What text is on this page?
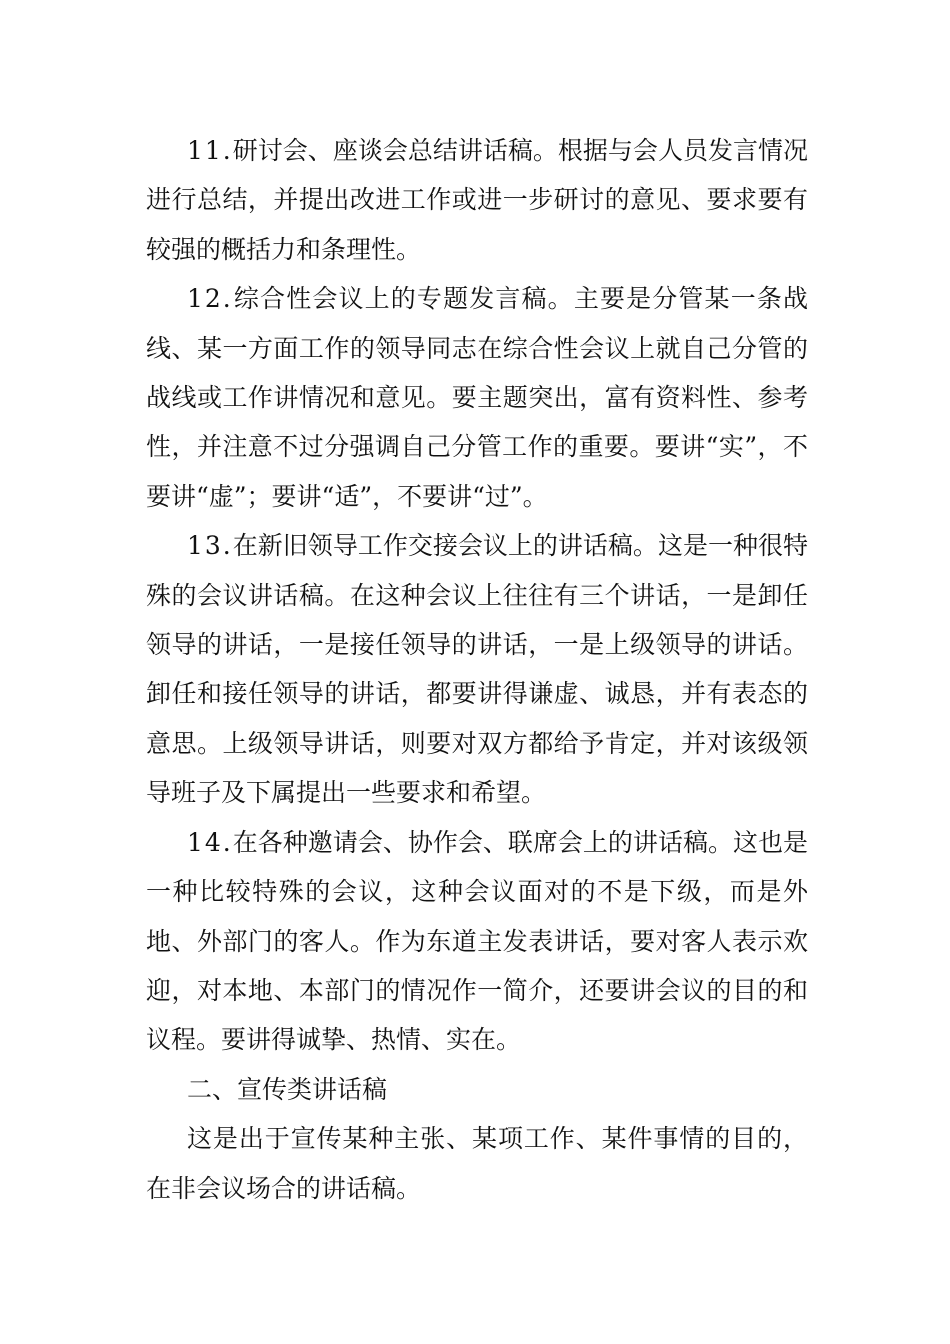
11.研讨会、座谈会总结讲话稿。根据与会人员发言情况进行总结，并提出改进工作或进一步研讨的意见、要求要有较强的概括力和条理性。

12.综合性会议上的专题发言稿。主要是分管某一条战线、某一方面工作的领导同志在综合性会议上就自己分管的战线或工作讲情况和意见。要主题突出，富有资料性、参考性，并注意不过分强调自己分管工作的重要。要讲“实”，不要讲“虚”；要讲“适”，不要讲“过”。

13.在新旧领导工作交接会议上的讲话稿。这是一种很特殊的会议讲话稿。在这种会议上往往有三个讲话，一是卸任领导的讲话，一是接任领导的讲话，一是上级领导的讲话。卸任和接任领导的讲话，都要讲得谦虚、诚恳，并有表态的意思。上级领导讲话，则要对双方都给予肯定，并对该级领导班子及下属提出一些要求和希望。

14.在各种邀请会、协作会、联席会上的讲话稿。这也是一种比较特殊的会议，这种会议面对的不是下级，而是外地、外部门的客人。作为东道主发表讲话，要对客人表示欢迎，对本地、本部门的情况作一简介，还要讲会议的目的和议程。要讲得诚挚、热情、实在。

二、宣传类讲话稿

这是出于宣传某种主张、某项工作、某件事情的目的，在非会议场合的讲话稿。
